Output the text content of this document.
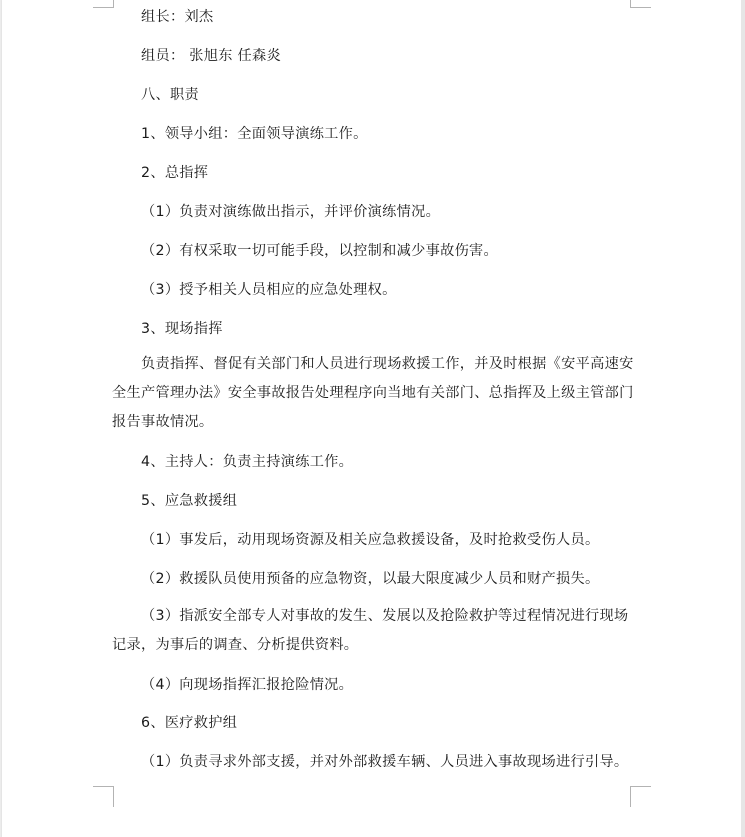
组长：刘杰
组员： 张旭东 任森炎
八、职责
1、领导小组：全面领导演练工作。
2、总指挥
（1）负责对演练做出指示，并评价演练情况。
（2）有权采取一切可能手段，以控制和减少事故伤害。
（3）授予相关人员相应的应急处理权。
3、现场指挥
负责指挥、督促有关部门和人员进行现场救援工作，并及时根据《安平高速安全生产管理办法》安全事故报告处理程序向当地有关部门、总指挥及上级主管部门报告事故情况。
4、主持人：负责主持演练工作。
5、应急救援组
（1）事发后，动用现场资源及相关应急救援设备，及时抢救受伤人员。
（2）救援队员使用预备的应急物资，以最大限度减少人员和财产损失。
（3）指派安全部专人对事故的发生、发展以及抢险救护等过程情况进行现场记录，为事后的调查、分析提供资料。
（4）向现场指挥汇报抢险情况。
6、医疗救护组
（1）负责寻求外部支援，并对外部救援车辆、人员进入事故现场进行引导。
